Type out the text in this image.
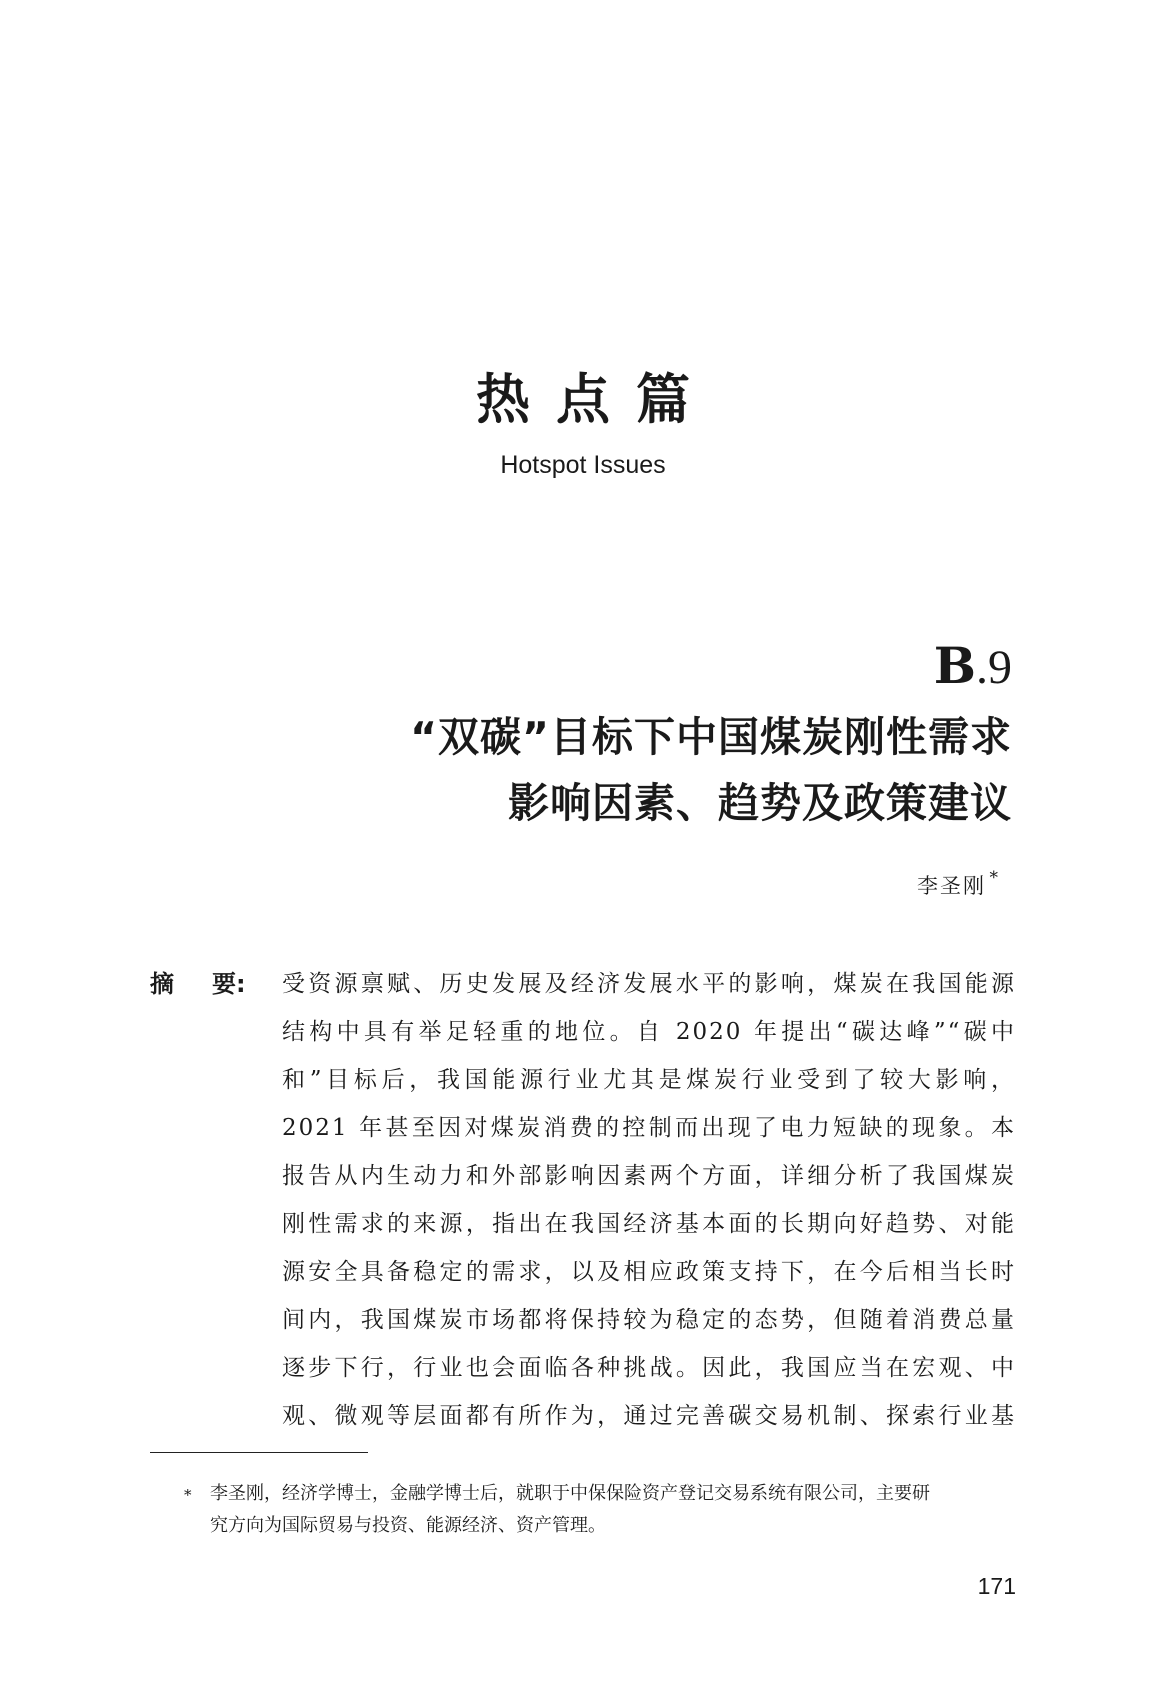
热点篇
Hotspot Issues
B.9
“双碳”目标下中国煤炭刚性需求
影响因素、趋势及政策建议
李圣刚 *
摘 要: 受资源禀赋、历史发展及经济发展水平的影响，煤炭在我国能源
结构中具有举足轻重的地位。自 2020 年提出“碳达峰”“碳中
和”目标后，我国能源行业尤其是煤炭行业受到了较大影响，
2021 年甚至因对煤炭消费的控制而出现了电力短缺的现象。本
报告从内生动力和外部影响因素两个方面，详细分析了我国煤炭
刚性需求的来源，指出在我国经济基本面的长期向好趋势、对能
源安全具备稳定的需求，以及相应政策支持下，在今后相当长时
间内，我国煤炭市场都将保持较为稳定的态势，但随着消费总量
逐步下行，行业也会面临各种挑战。因此，我国应当在宏观、中
观、微观等层面都有所作为，通过完善碳交易机制、探索行业基
* 李圣刚，经济学博士，金融学博士后，就职于中保保险资产登记交易系统有限公司，主要研
究方向为国际贸易与投资、能源经济、资产管理。
171
